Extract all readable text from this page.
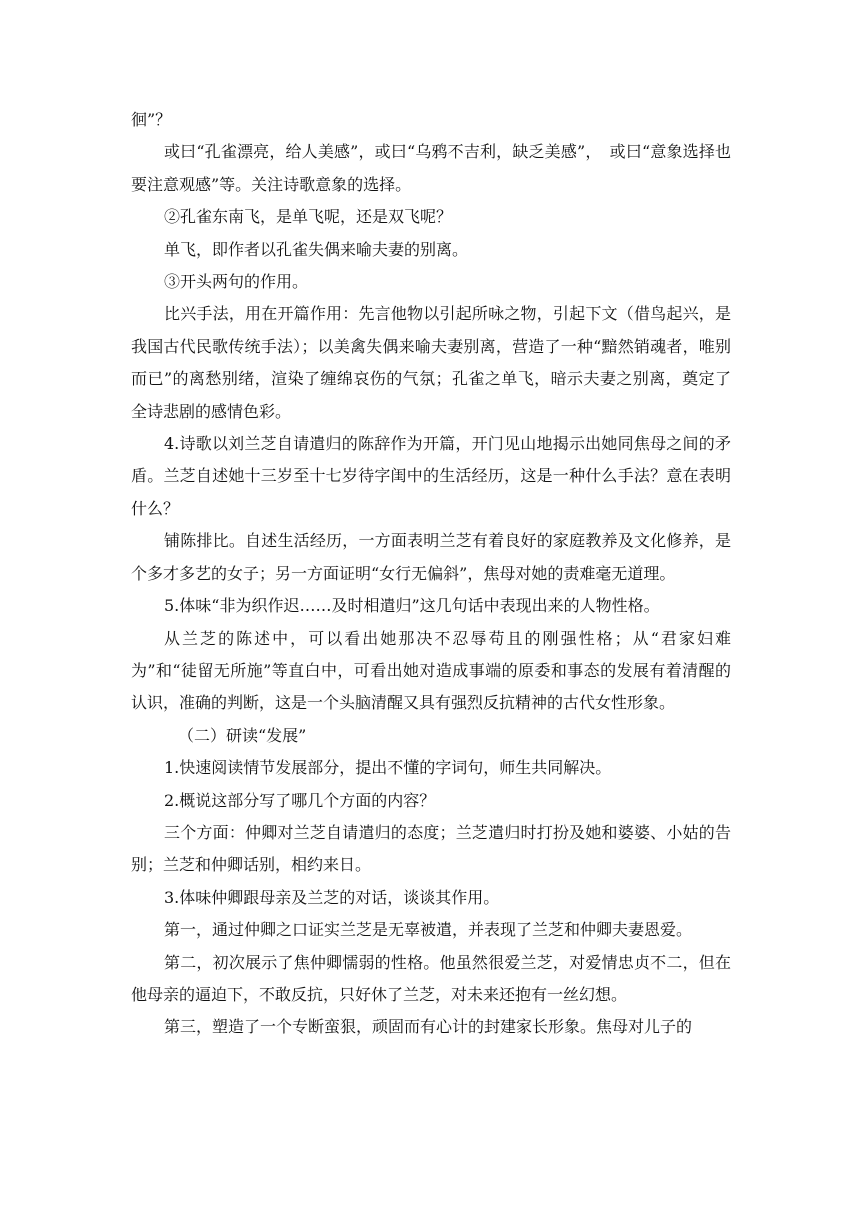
徊”？

或曰“孔雀漂亮，给人美感”，或曰“乌鸦不吉利，缺乏美感”，　或曰“意象选择也要注意观感”等。关注诗歌意象的选择。

②孔雀东南飞，是单飞呢，还是双飞呢？

单飞，即作者以孔雀失偶来喻夫妻的别离。

③开头两句的作用。

比兴手法，用在开篇作用：先言他物以引起所咏之物，引起下文（借鸟起兴，是我国古代民歌传统手法）；以美禽失偶来喻夫妻别离，营造了一种“黯然销魂者，唯别而已”的离愁别绪，渲染了缠绵哀伤的气氛；孔雀之单飞，暗示夫妻之别离，奠定了全诗悲剧的感情色彩。

4.诗歌以刘兰芝自请遣归的陈辞作为开篇，开门见山地揭示出她同焦母之间的矛盾。兰芝自述她十三岁至十七岁待字闺中的生活经历，这是一种什么手法？意在表明什么？

铺陈排比。自述生活经历，一方面表明兰芝有着良好的家庭教养及文化修养，是个多才多艺的女子；另一方面证明“女行无偏斜”，焦母对她的责难毫无道理。

5.体味“非为织作迟……及时相遣归”这几句话中表现出来的人物性格。

从兰芝的陈述中，可以看出她那决不忍辱苟且的刚强性格；从“君家妇难为”和“徒留无所施”等直白中，可看出她对造成事端的原委和事态的发展有着清醒的认识，准确的判断，这是一个头脑清醒又具有强烈反抗精神的古代女性形象。

（二）研读“发展”

1.快速阅读情节发展部分，提出不懂的字词句，师生共同解决。

2.概说这部分写了哪几个方面的内容？

三个方面：仲卿对兰芝自请遣归的态度；兰芝遣归时打扮及她和婆婆、小姑的告别；兰芝和仲卿话别，相约来日。

3.体味仲卿跟母亲及兰芝的对话，谈谈其作用。

第一，通过仲卿之口证实兰芝是无辜被遣，并表现了兰芝和仲卿夫妻恩爱。

第二，初次展示了焦仲卿懦弱的性格。他虽然很爱兰芝，对爱情忠贞不二，但在他母亲的逼迫下，不敢反抗，只好休了兰芝，对未来还抱有一丝幻想。

第三，塑造了一个专断蛮狠，顽固而有心计的封建家长形象。焦母对儿子的
